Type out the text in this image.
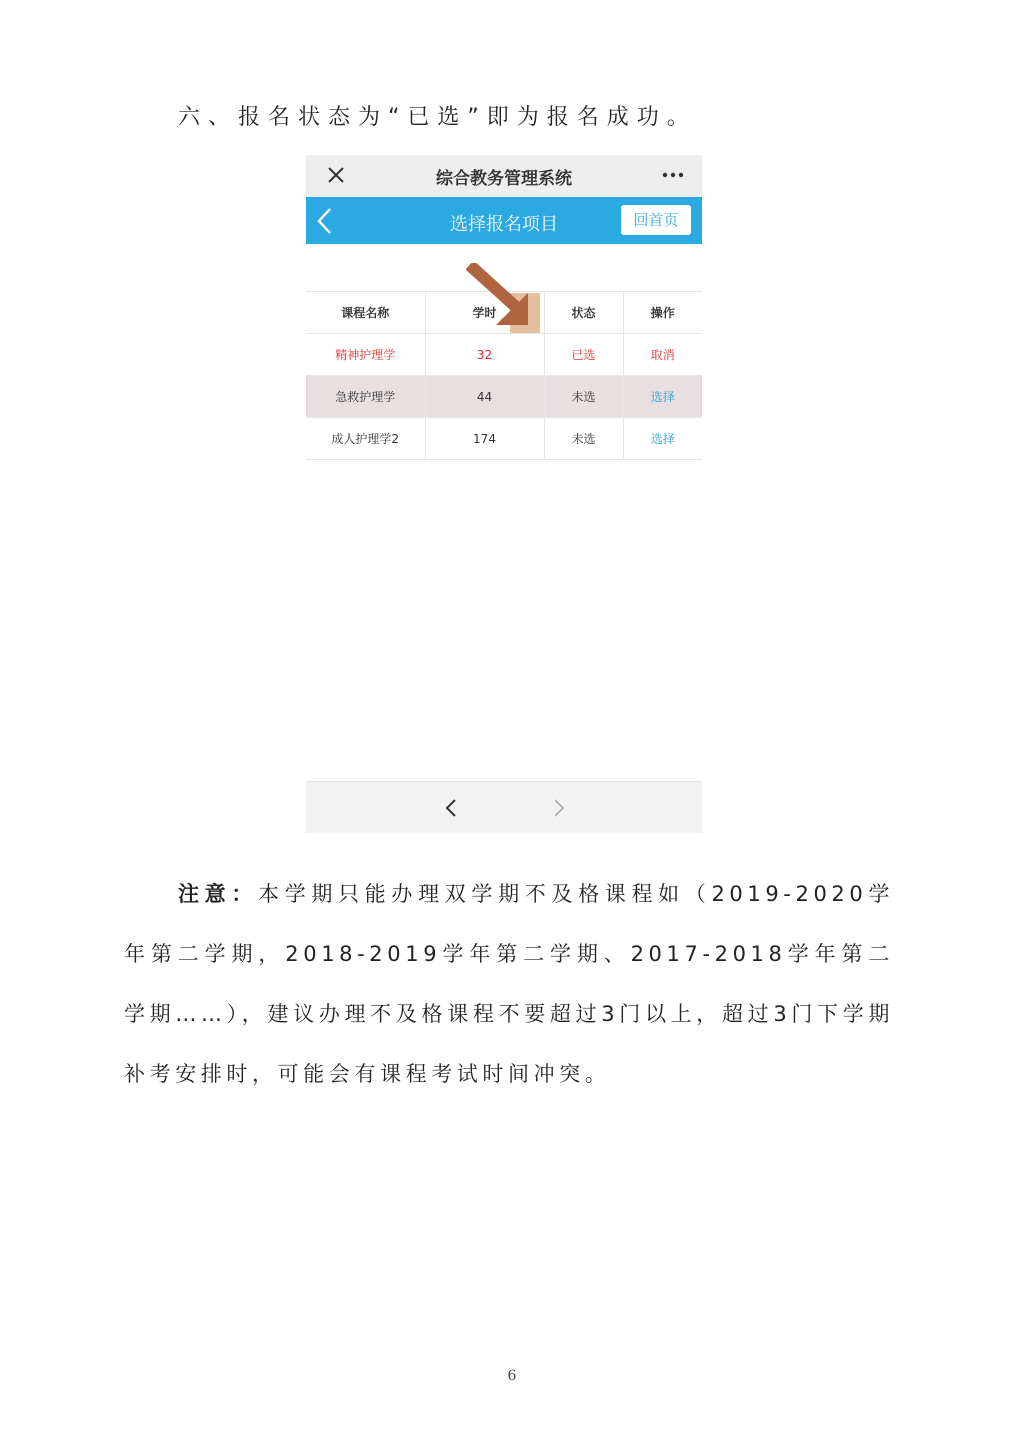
六、报名状态为“已选”即为报名成功。
综合教务管理系统
选择报名项目	回首页
课程名称	学时	状态	操作
精神护理学	32	已选	取消
急救护理学	44	未选	选择
成人护理学2	174	未选	选择
注意：本学期只能办理双学期不及格课程如（2019-2020学年第二学期，2018-2019学年第二学期、2017-2018学年第二学期……），建议办理不及格课程不要超过3门以上，超过3门下学期补考安排时，可能会有课程考试时间冲突。
6
